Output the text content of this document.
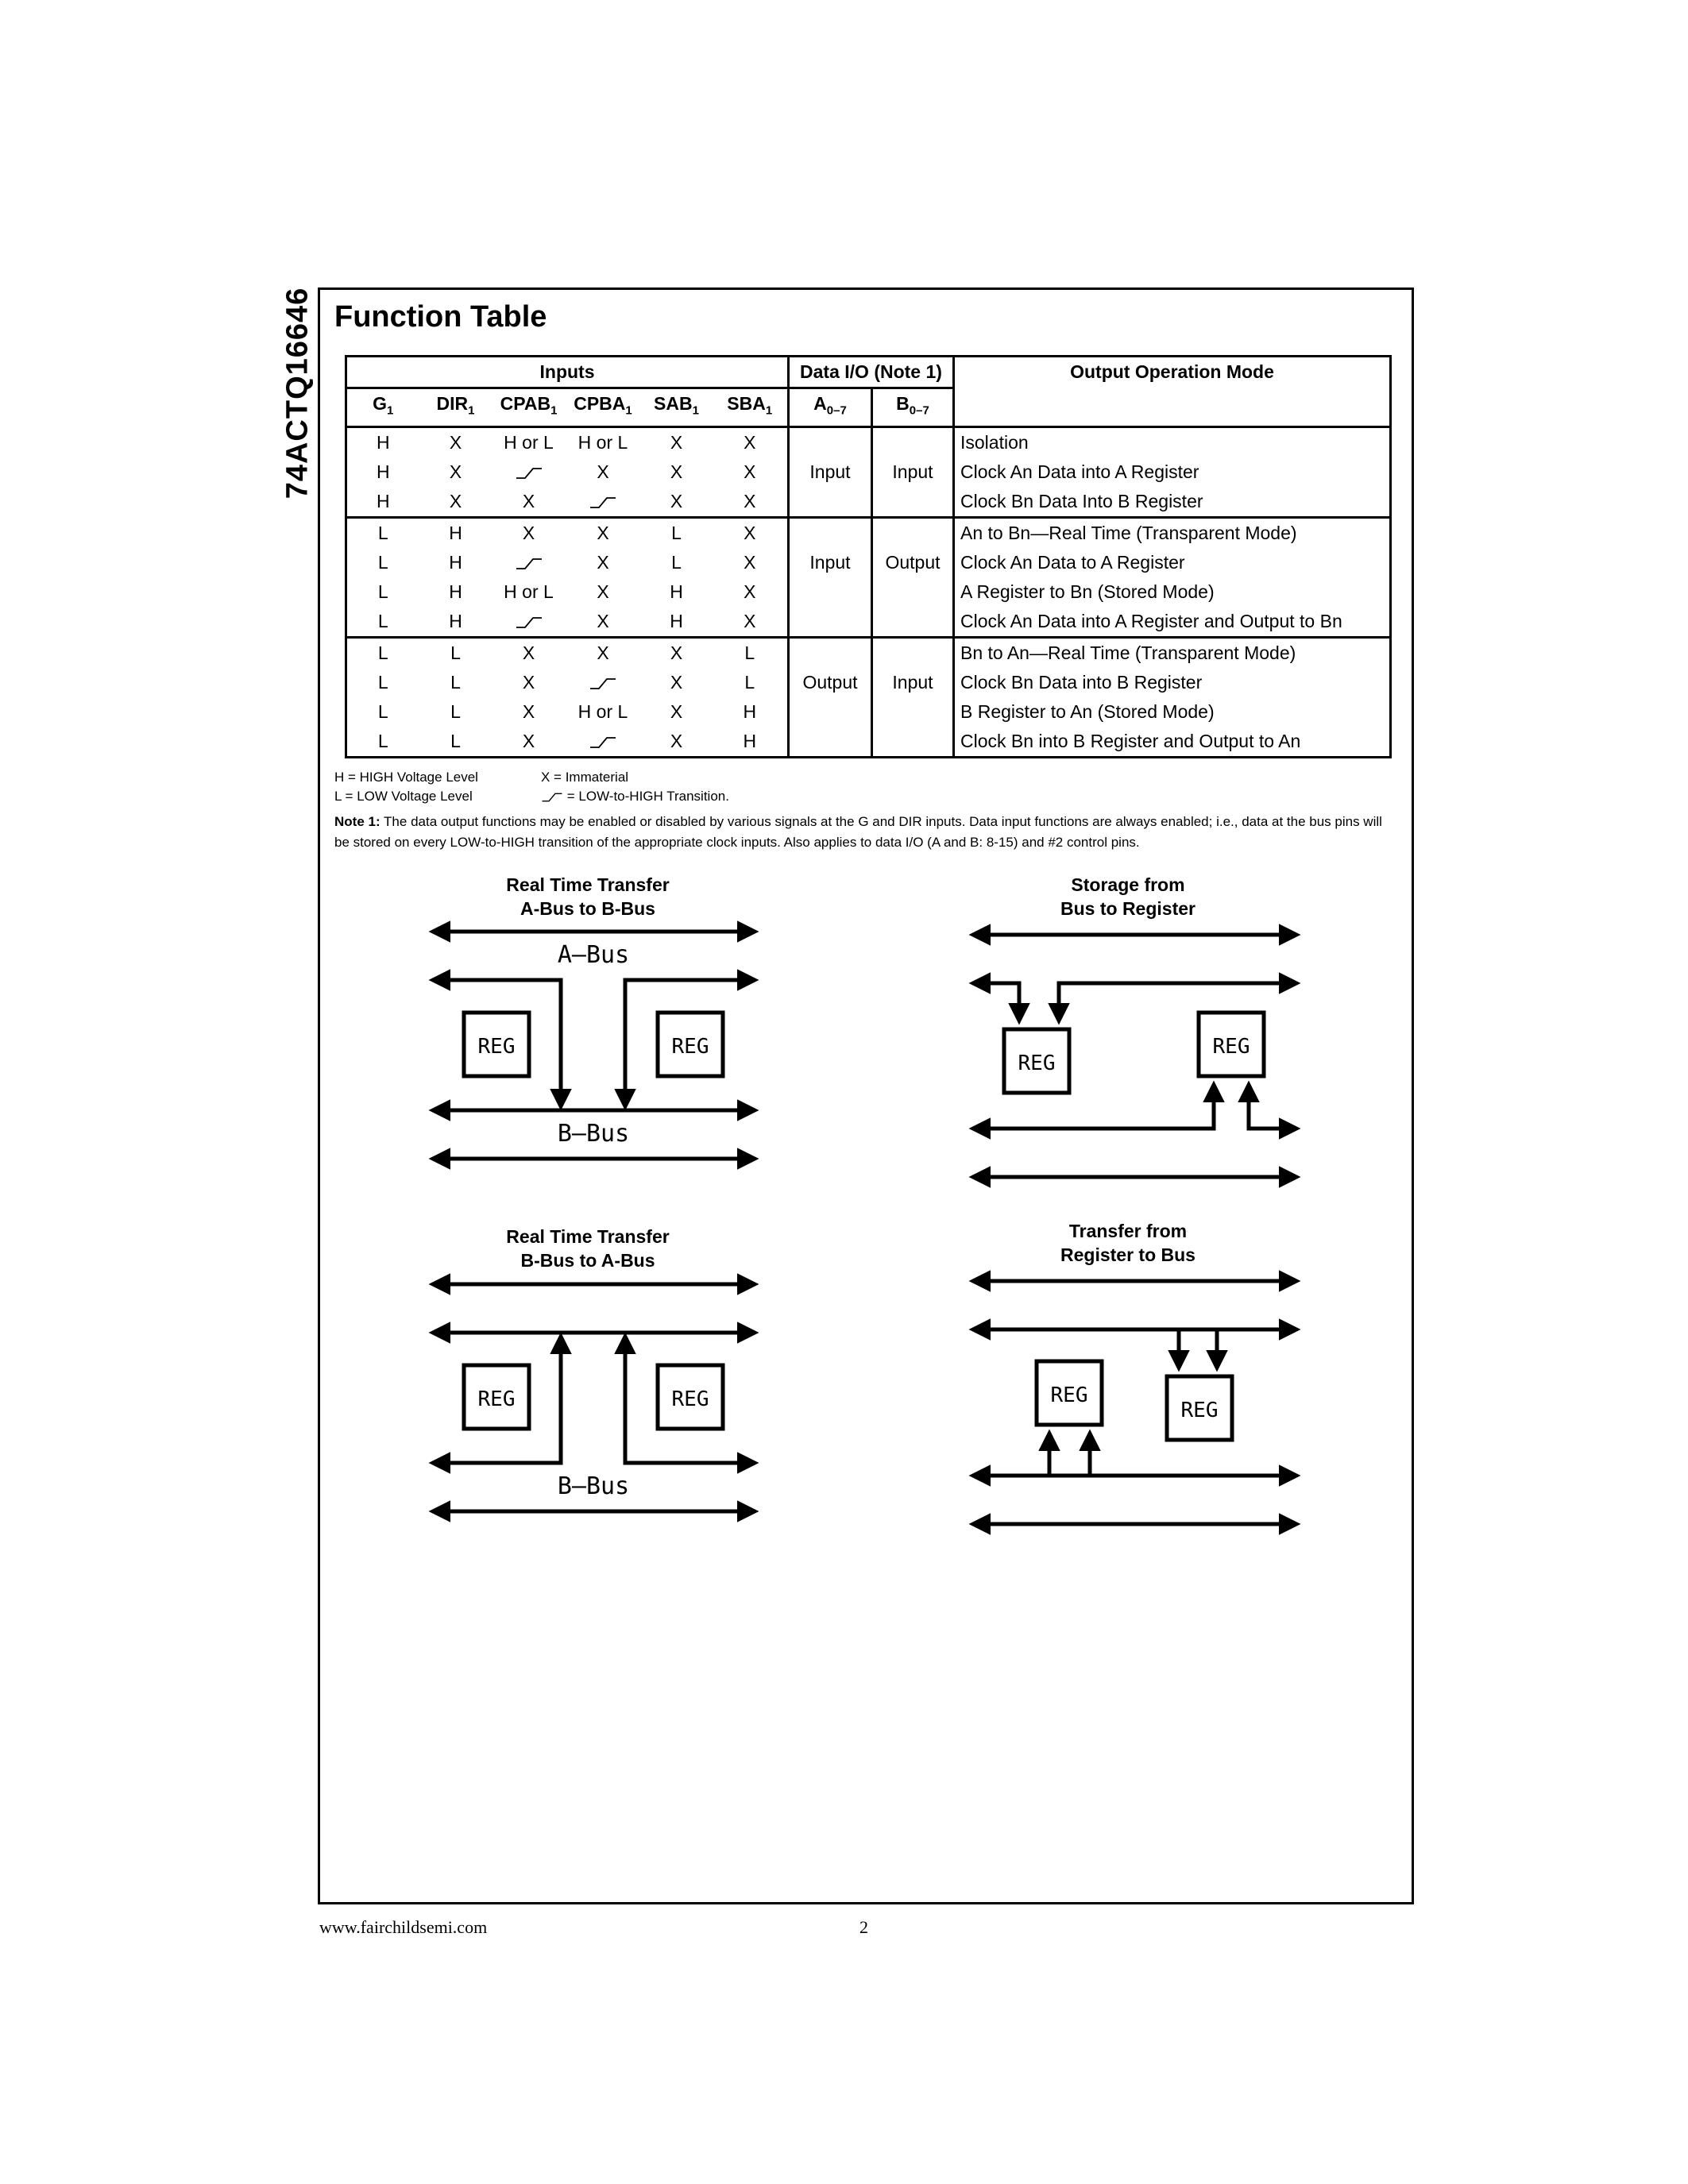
74ACTQ16646 Function Table
Inputs						Data I/O (Note 1)		Output Operation Mode
$G_1$	$DIR_1$	$CPAB_1$	$CPBA_1$	$SAB_1$	$SBA_1$	$A_{0-7}$	$B_{0-7}$
H	X	H or L	H or L	X	X			Isolation
H	X		X	X	X	Input	Input	Clock An Data into A Register
H	X	X		X	X			Clock Bn Data Into B Register
L	H	X	X	L	X			An to Bn—Real Time (Transparent Mode)
L	H		X	L	X	Input	Output	Clock An Data to A Register
L	H	H or L	X	H	X			A Register to Bn (Stored Mode)
L	H		X	H	X			Clock An Data into A Register and Output to Bn
L	L	X	X	X	L			Bn to An—Real Time (Transparent Mode)
L	L	X		X	L	Output	Input	Clock Bn Data into B Register
L	L	X	H or L	X	H			B Register to An (Stored Mode)
L	L	X		X	H			Clock Bn into B Register and Output to An
H = HIGH Voltage Level	X = Immaterial
L = LOW Voltage Level	= LOW-to-HIGH Transition.
Note 1: The data output functions may be enabled or disabled by various signals at the G and DIR inputs. Data input functions are always enabled; i.e., data at the bus pins will be stored on every LOW-to-HIGH transition of the appropriate clock inputs. Also applies to data I/O (A and B: 8-15) and #2 control pins.
Real Time Transfer
A-Bus to B-Bus
Storage from
Bus to Register
Real Time Transfer
B-Bus to A-Bus
Transfer from
Register to Bus
A–Bus
REG	REG
B–Bus
REG
REG
REG	REG
B–Bus
REG
REG
www.fairchildsemi.com	2
